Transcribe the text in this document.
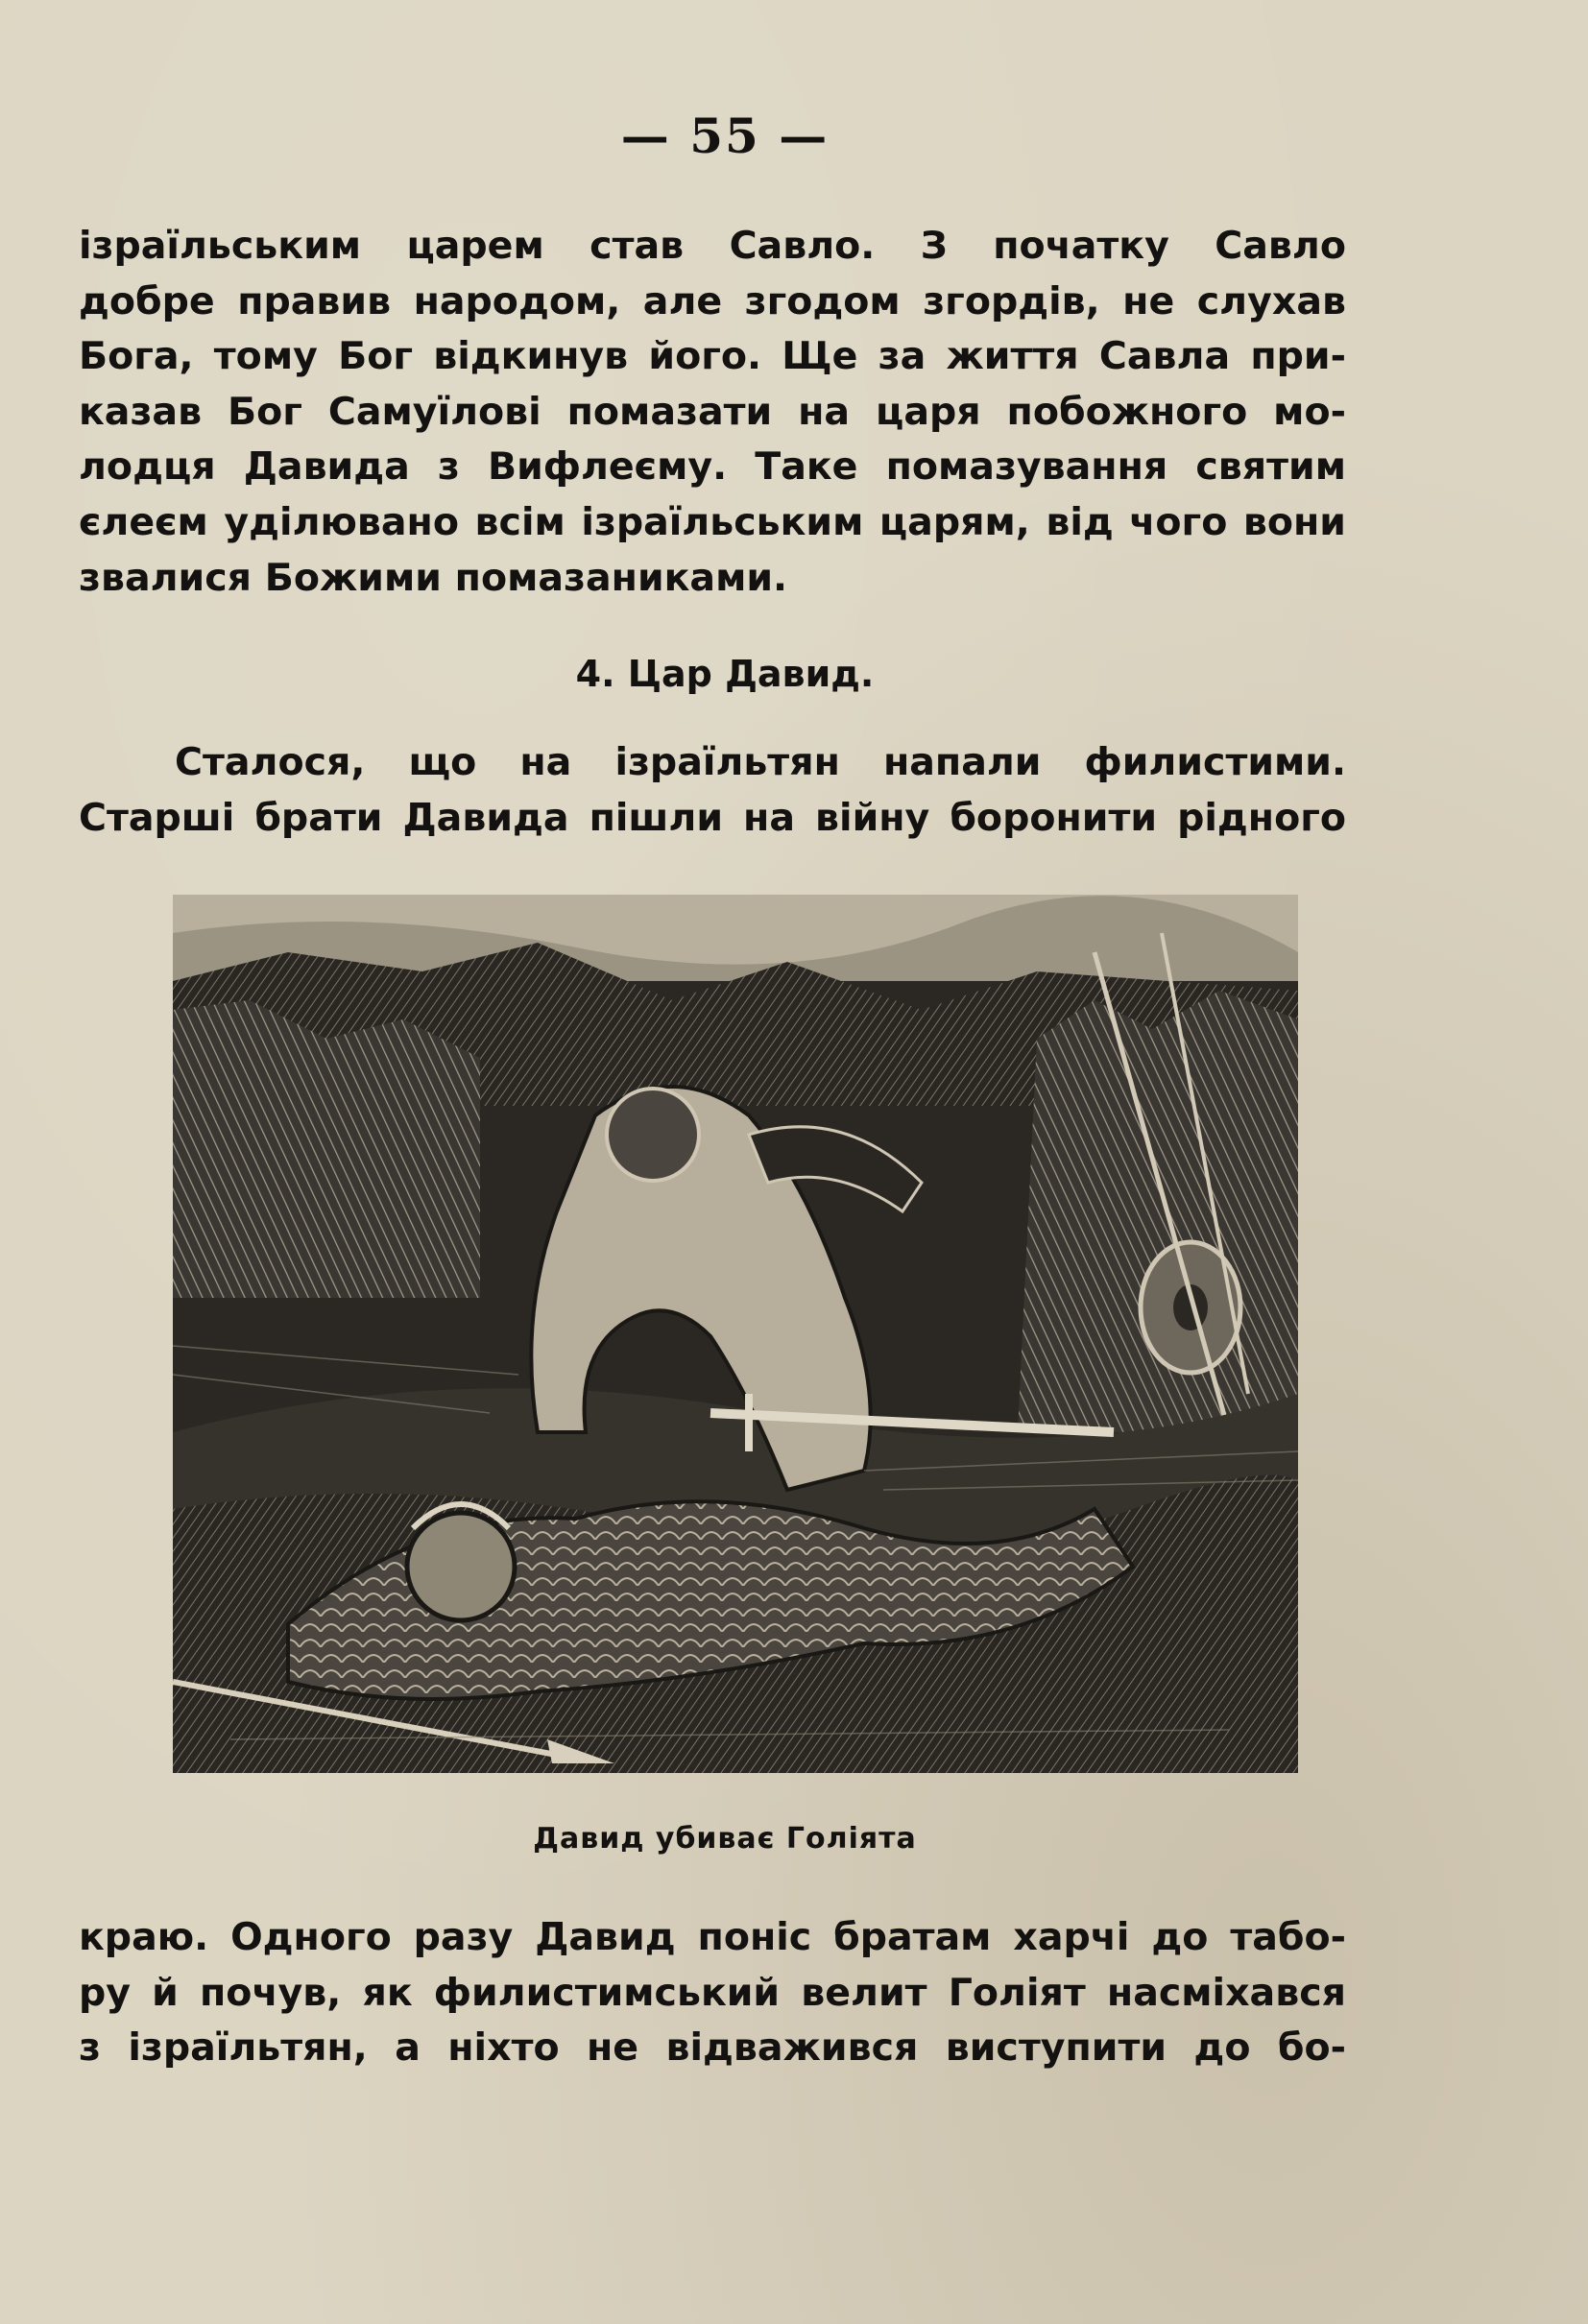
— 55 —
ізраїльським царем став Савло. З початку Савло
добре правив народом, але згодом згордів, не слухав
Бога, тому Бог відкинув його. Ще за життя Савла при-
казав Бог Самуїлові помазати на царя побожного мо-
лодця Давида з Вифлеєму. Таке помазування святим
єлеєм уділювано всім ізраїльським царям, від чого вони
звалися Божими помазаниками.
4. Цар Давид.
Сталося, що на ізраїльтян напали филистими.
Старші брати Давида пішли на війну боронити рідного
Давид убиває Голіята
краю. Одного разу Давид поніс братам харчі до табо-
ру й почув, як филистимський велит Голіят насміхався
з ізраїльтян, а ніхто не відважився виступити до бо-
